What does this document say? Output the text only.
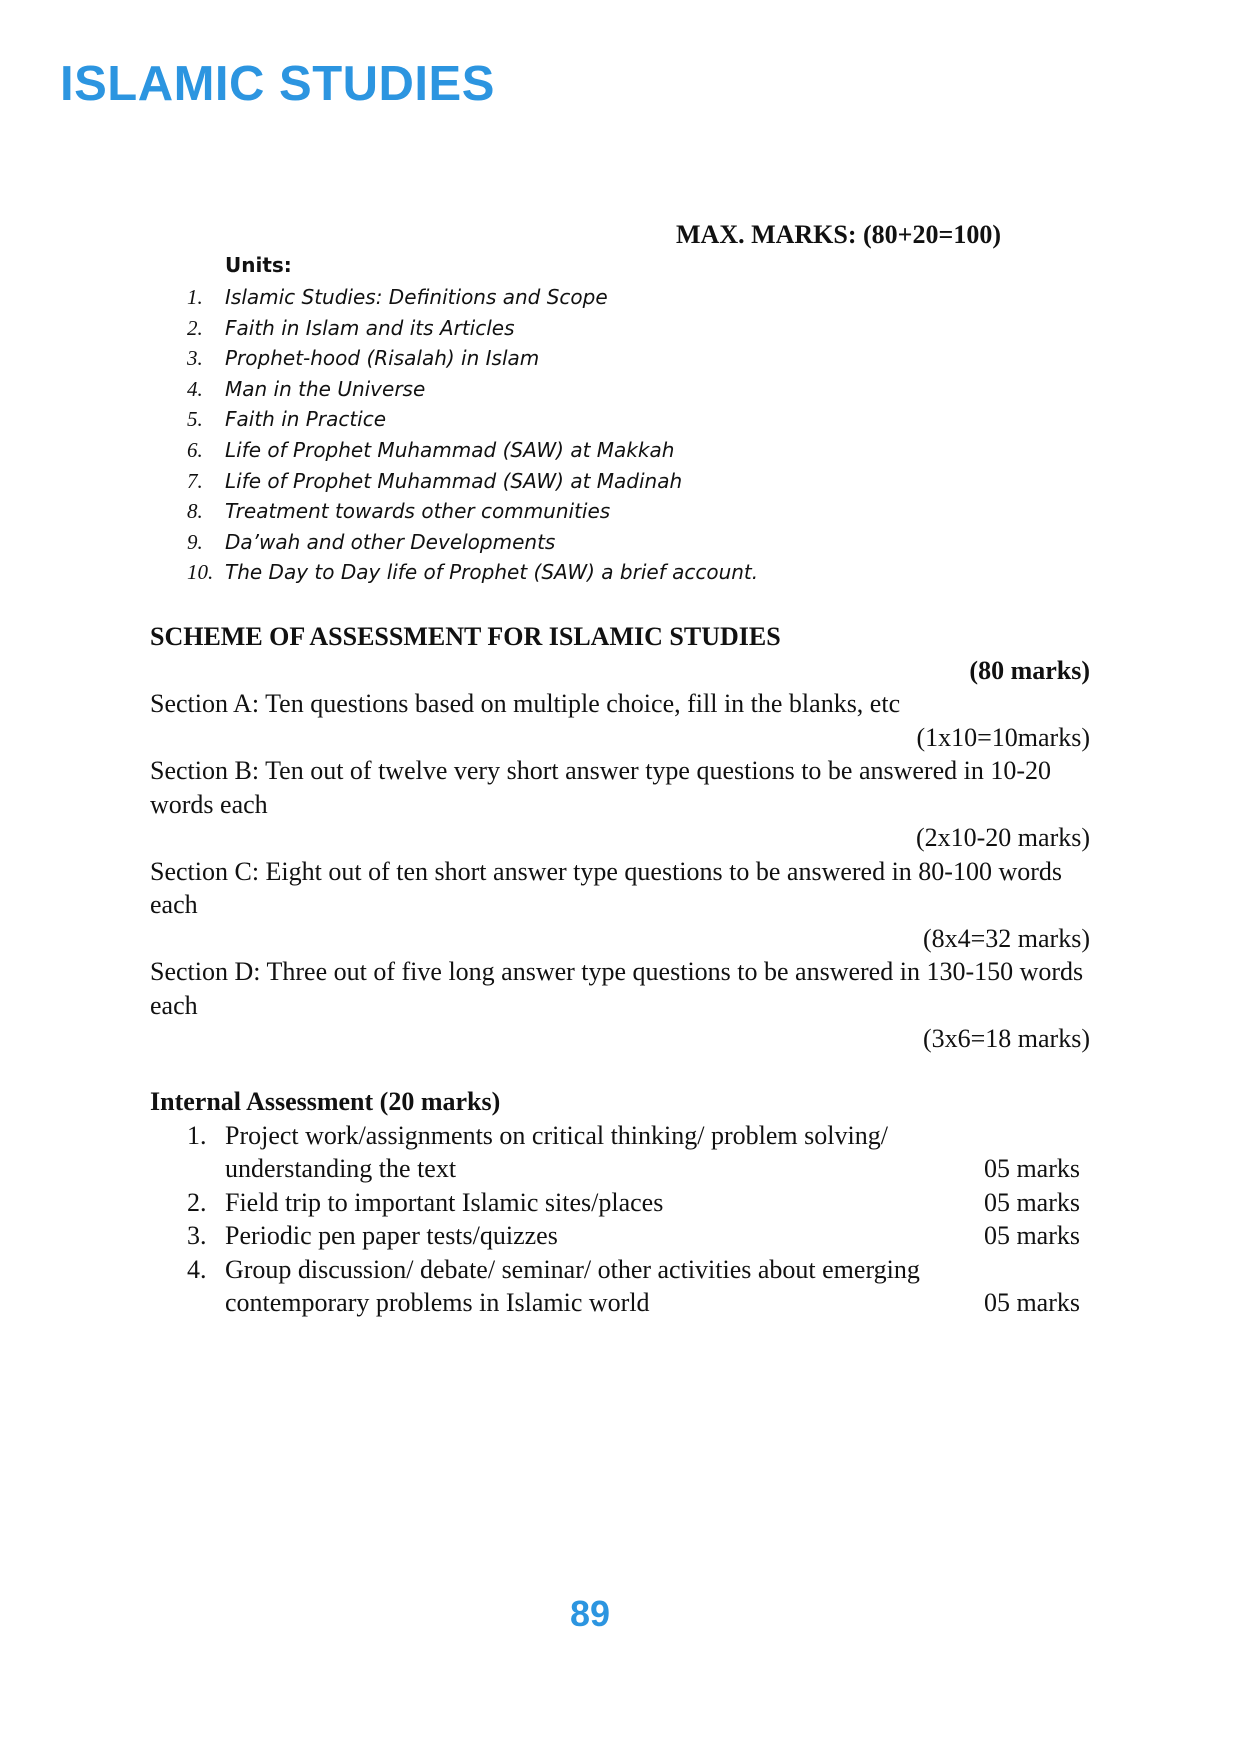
ISLAMIC STUDIES
MAX. MARKS: (80+20=100)
Units:
1. Islamic Studies: Definitions and Scope
2. Faith in Islam and its Articles
3. Prophet-hood (Risalah) in Islam
4. Man in the Universe
5. Faith in Practice
6. Life of Prophet Muhammad (SAW) at Makkah
7. Life of Prophet Muhammad (SAW) at Madinah
8. Treatment towards other communities
9. Da’wah and other Developments
10. The Day to Day life of Prophet (SAW) a brief account.

SCHEME OF ASSESSMENT FOR ISLAMIC STUDIES

(80 marks)

Section A: Ten questions based on multiple choice, fill in the blanks, etc

(1x10=10marks)

Section B: Ten out of twelve very short answer type questions to be answered in 10-20 words each

(2x10-20 marks)

Section C: Eight out of ten short answer type questions to be answered in 80-100 words each

(8x4=32 marks)

Section D: Three out of five long answer type questions to be answered in 130-150 words each

(3x6=18 marks)

Internal Assessment (20 marks)

1. Project work/assignments on critical thinking/ problem solving/
understanding the text	05 marks
2. Field trip to important Islamic sites/places	05 marks
3. Periodic pen paper tests/quizzes	05 marks
4. Group discussion/ debate/ seminar/ other activities about emerging
contemporary problems in Islamic world	05 marks
89
